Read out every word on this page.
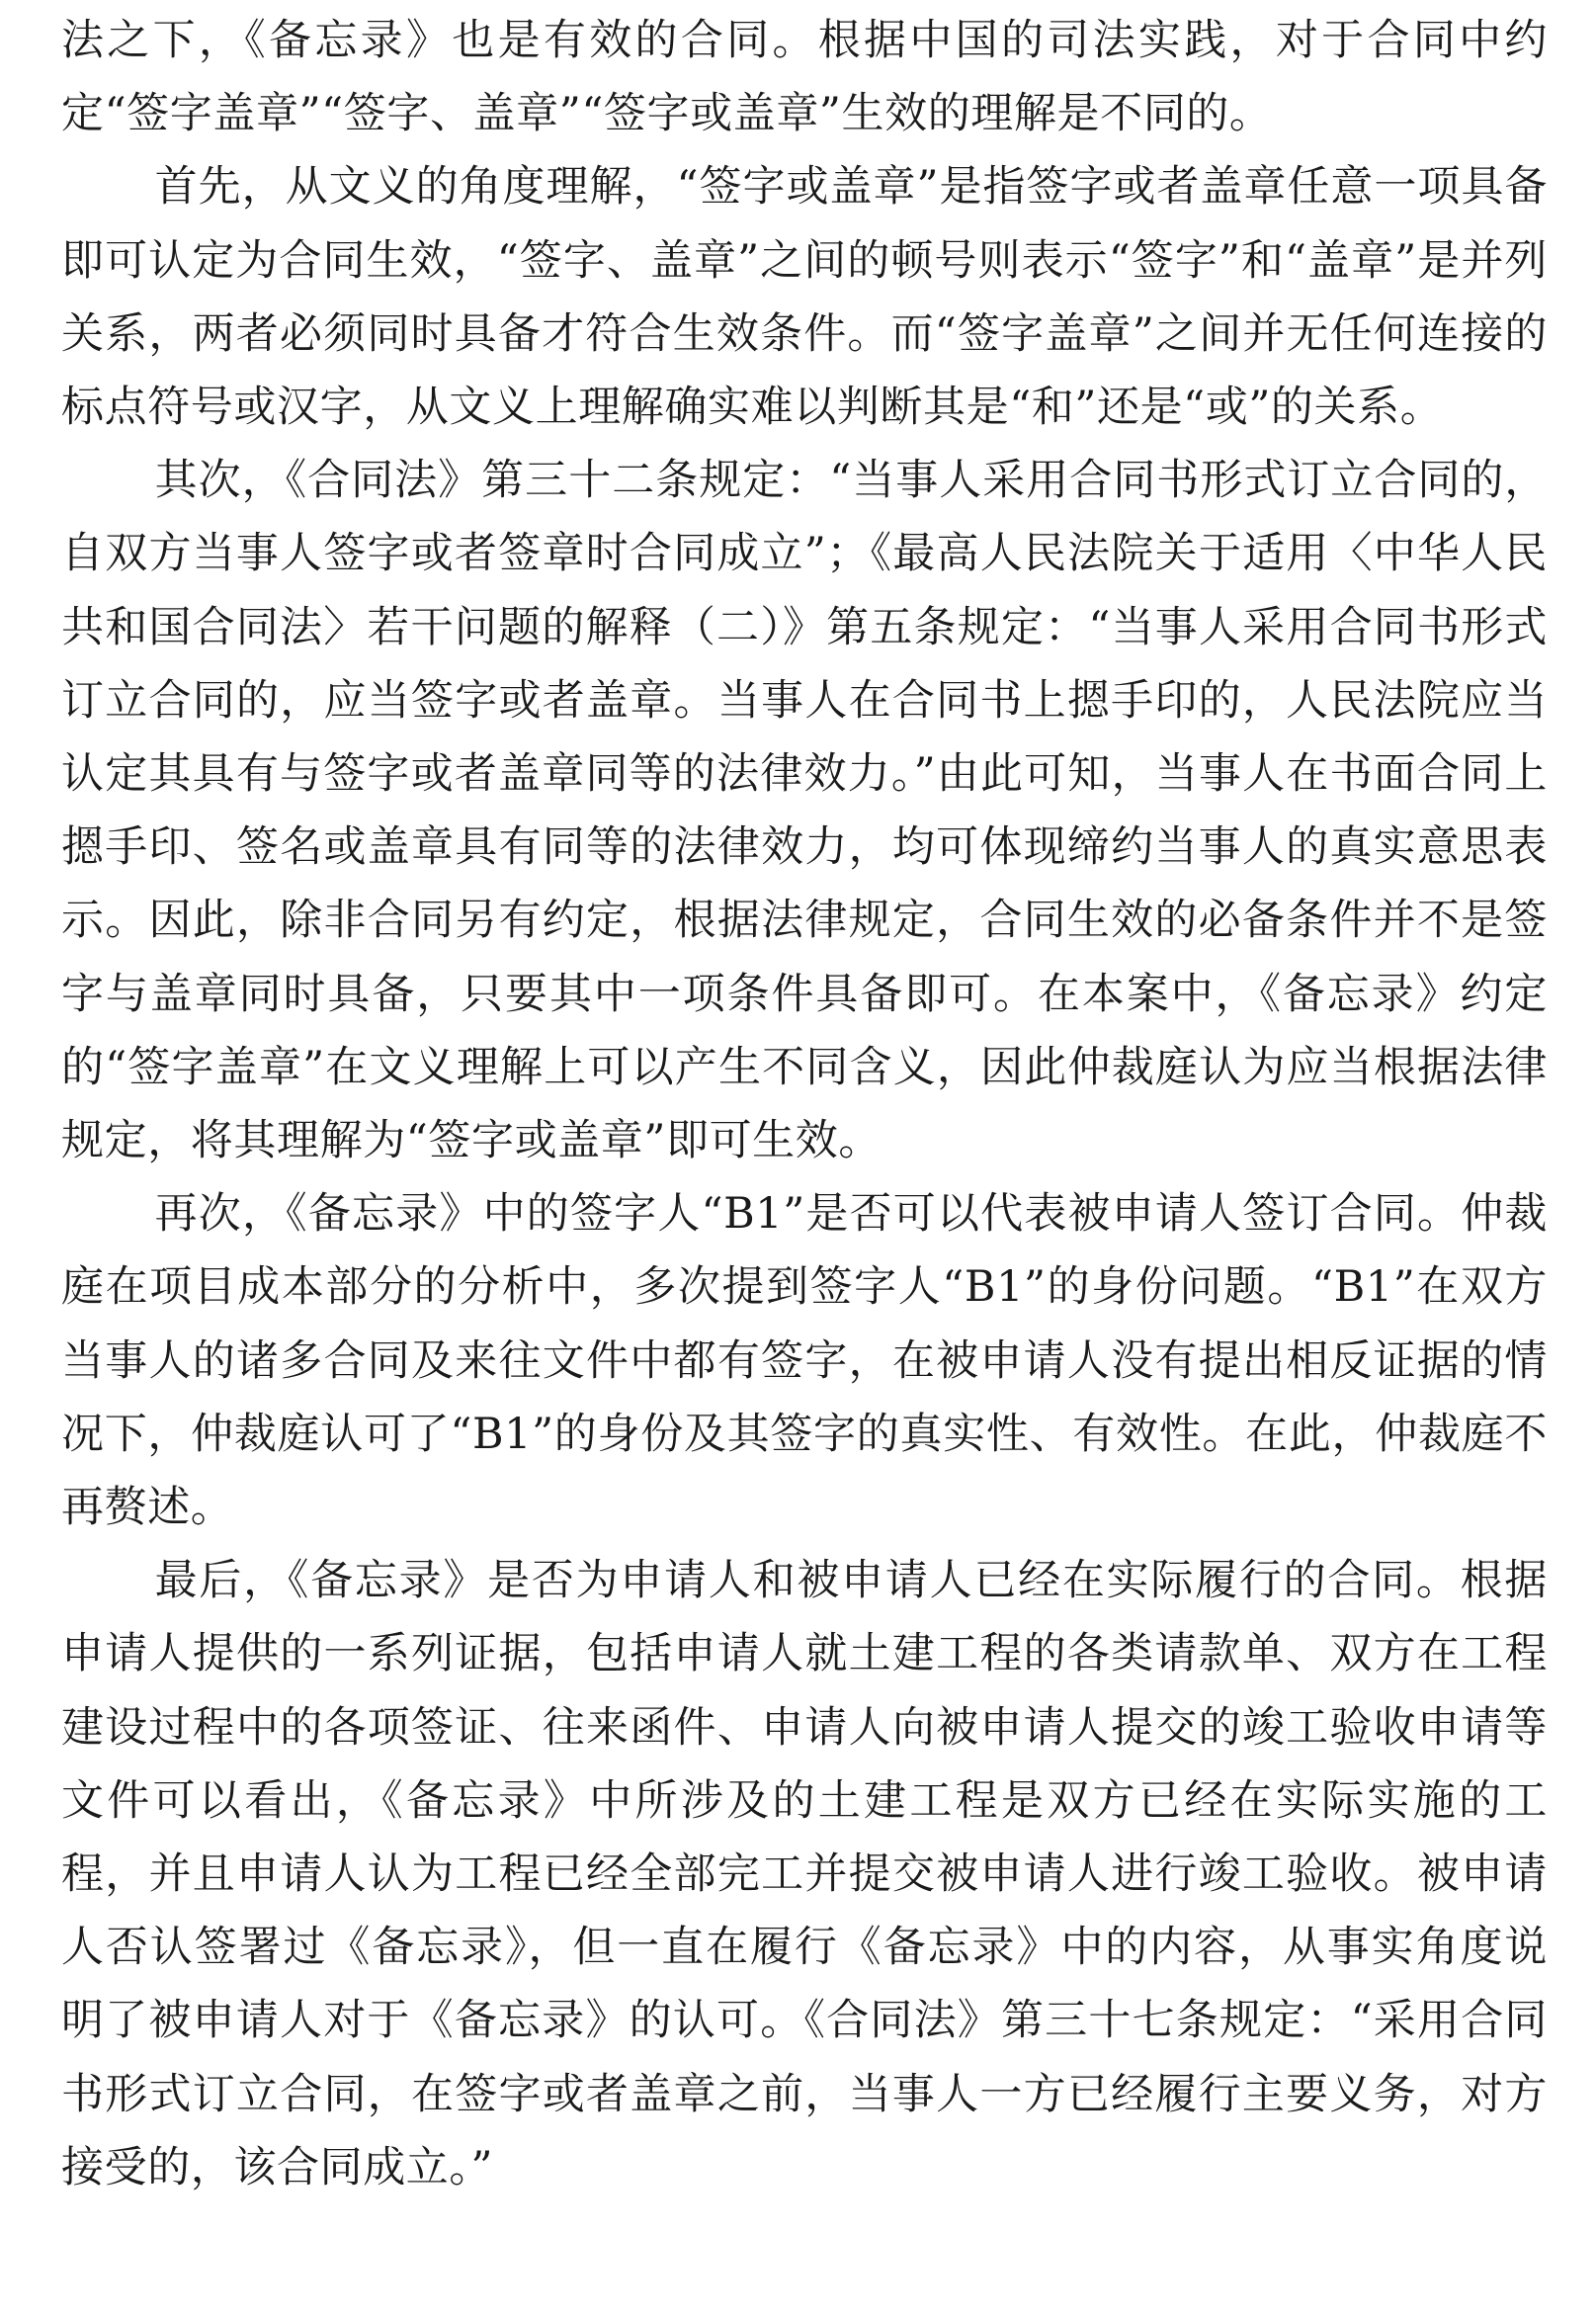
法之下，《备忘录》也是有效的合同。根据中国的司法实践，对于合同中约定“签字盖章”“签字、盖章”“签字或盖章”生效的理解是不同的。

首先，从文义的角度理解，“签字或盖章”是指签字或者盖章任意一项具备即可认定为合同生效，“签字、盖章”之间的顿号则表示“签字”和“盖章”是并列关系，两者必须同时具备才符合生效条件。而“签字盖章”之间并无任何连接的标点符号或汉字，从文义上理解确实难以判断其是“和”还是“或”的关系。

其次，《合同法》第三十二条规定：“当事人采用合同书形式订立合同的，自双方当事人签字或者签章时合同成立”；《最高人民法院关于适用〈中华人民共和国合同法〉若干问题的解释（二）》第五条规定：“当事人采用合同书形式订立合同的，应当签字或者盖章。当事人在合同书上摁手印的，人民法院应当认定其具有与签字或者盖章同等的法律效力。”由此可知，当事人在书面合同上摁手印、签名或盖章具有同等的法律效力，均可体现缔约当事人的真实意思表示。因此，除非合同另有约定，根据法律规定，合同生效的必备条件并不是签字与盖章同时具备，只要其中一项条件具备即可。在本案中，《备忘录》约定的“签字盖章”在文义理解上可以产生不同含义，因此仲裁庭认为应当根据法律规定，将其理解为“签字或盖章”即可生效。

再次，《备忘录》中的签字人“B1”是否可以代表被申请人签订合同。仲裁庭在项目成本部分的分析中，多次提到签字人“B1”的身份问题。“B1”在双方当事人的诸多合同及来往文件中都有签字，在被申请人没有提出相反证据的情况下，仲裁庭认可了“B1”的身份及其签字的真实性、有效性。在此，仲裁庭不再赘述。

最后，《备忘录》是否为申请人和被申请人已经在实际履行的合同。根据申请人提供的一系列证据，包括申请人就土建工程的各类请款单、双方在工程建设过程中的各项签证、往来函件、申请人向被申请人提交的竣工验收申请等文件可以看出，《备忘录》中所涉及的土建工程是双方已经在实际实施的工程，并且申请人认为工程已经全部完工并提交被申请人进行竣工验收。被申请人否认签署过《备忘录》，但一直在履行《备忘录》中的内容，从事实角度说明了被申请人对于《备忘录》的认可。《合同法》第三十七条规定：“采用合同书形式订立合同，在签字或者盖章之前，当事人一方已经履行主要义务，对方接受的，该合同成立。”
